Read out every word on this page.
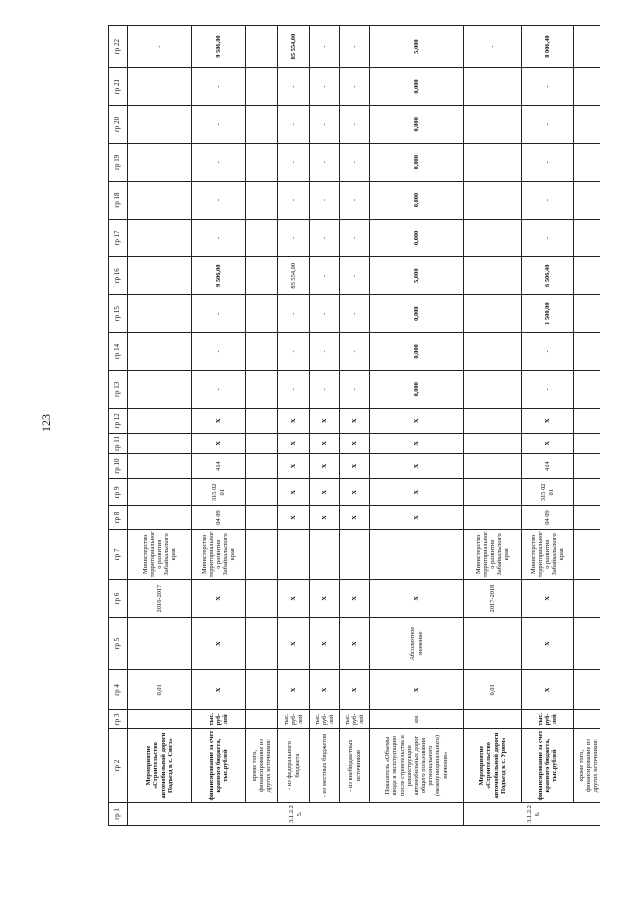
123
гр 1	гр 2	гр 3	гр 4	гр 5	гр 6	гр 7	гр 8	гр 9	гр 10	гр 11	гр 12	гр 13	гр 14	гр 15	гр 16	гр 17	гр 18	гр 19	гр 20	гр 21	гр 22
3.1.2.2 5.	Мероприятие «Строительство автомобильной дороги Подъезд к с. Сюгэ»		0,01		2016-2017	Министерство территориального развития Забайкальского края															-
	финансирование за счет краевого бюджета, тыс.рублей	тыс. руб-лей	Х	Х	Х	Министерство территориального развития Забайкальского края	04 09	315 02 01	414	Х	Х	-	-	-	9 506,00	-	-	-	-	-	9 506,00
	кроме того, финансирование из других источников:																				
	- из федерального бюджета	тыс. руб-лей	Х	Х	Х		Х	Х	Х	Х	Х	-	-	-	85 554,00	-	-	-	-	-	85 554,00
	- из местных бюджетов	тыс. руб-лей	Х	Х	Х		Х	Х	Х	Х	Х	-	-	-	-	-	-	-	-	-	-
	- из внебюджетных источников	тыс. руб-лей	Х	Х	Х		Х	Х	Х	Х	Х	-	-	-	-	-	-	-	-	-	-
	Показатель «Объемы ввода в эксплуатацию после строительства и реконструкции автомобильных дорог общего пользования регионального (межмуниципального) значения»	км	Х	Абсолютное значение	Х		Х	Х	Х	Х	Х	0,000	0,000	0,000	5,000	0,000	0,000	0,000	0,000	0,000	5,000
3.1.2.2 6.	Мероприятие «Строительство автомобильной дороги Подъезд к с. Урюм»		0,01		2017-2018	Министерство территориального развития Забайкальского края															-
	финансирование за счет краевого бюджета, тыс.рублей	тыс. руб-лей	Х	Х	Х	Министерство территориального развития Забайкальского края	04 09	315 02 01	414	Х	Х	-	-	1 500,00	6 506,40	-	-	-	-	-	8 006,40
	кроме того, финансирование из других источников:																				
